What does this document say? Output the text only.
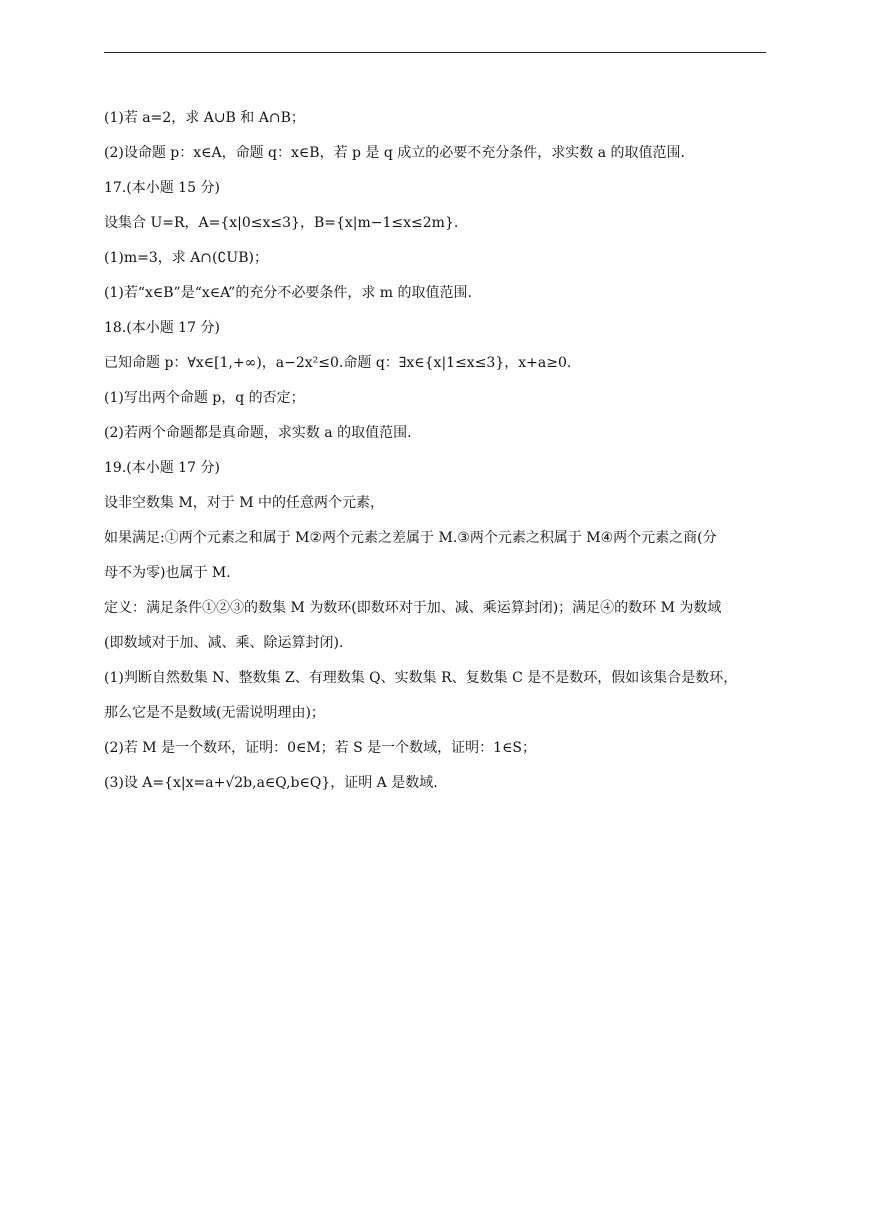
(1)若 a=2，求 A∪B 和 A∩B；
(2)设命题 p：x∈A，命题 q：x∈B，若 p 是 q 成立的必要不充分条件，求实数 a 的取值范围.
17.(本小题 15 分)
设集合 U=R，A={x|0≤x≤3}，B={x|m−1≤x≤2m}.
(1)m=3，求 A∩(∁UB)；
(1)若“x∈B”是“x∈A”的充分不必要条件，求 m 的取值范围.
18.(本小题 17 分)
已知命题 p：∀x∈[1,+∞)，a−2x²≤0.命题 q：∃x∈{x|1≤x≤3}，x+a≥0.
(1)写出两个命题 p，q 的否定；
(2)若两个命题都是真命题，求实数 a 的取值范围.
19.(本小题 17 分)
设非空数集 M，对于 M 中的任意两个元素，
如果满足:①两个元素之和属于 M②两个元素之差属于 M.③两个元素之积属于 M④两个元素之商(分
母不为零)也属于 M.
定义：满足条件①②③的数集 M 为数环(即数环对于加、减、乘运算封闭)；满足④的数环 M 为数域
(即数域对于加、减、乘、除运算封闭).
(1)判断自然数集 N、整数集 Z、有理数集 Q、实数集 R、复数集 C 是不是数环，假如该集合是数环，
那么它是不是数域(无需说明理由)；
(2)若 M 是一个数环，证明：0∈M；若 S 是一个数域，证明：1∈S；
(3)设 A={x|x=a+√2b,a∈Q,b∈Q}，证明 A 是数域.
